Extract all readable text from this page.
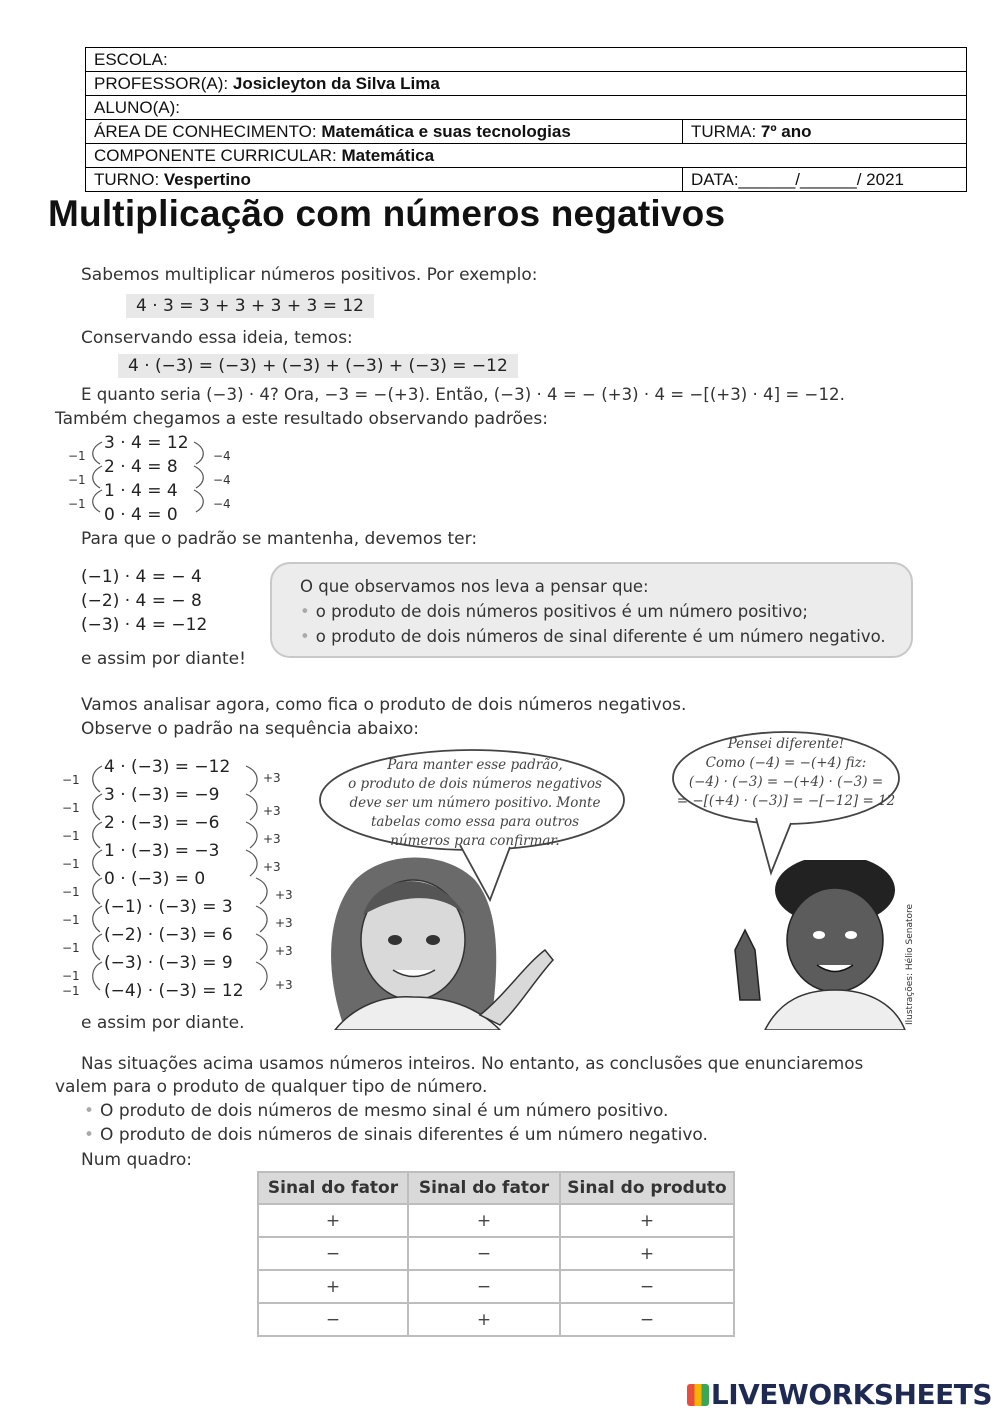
ESCOLA:	
PROFESSOR(A): Josicleyton da Silva Lima	
ALUNO(A):	
ÁREA DE CONHECIMENTO: Matemática e suas tecnologias	TURMA: 7º ano
COMPONENTE CURRICULAR: Matemática	
TURNO: Vespertino	DATA:______/______/ 2021
Multiplicação com números negativos
Sabemos multiplicar números positivos. Por exemplo:
4 · 3 = 3 + 3 + 3 + 3 = 12
Conservando essa ideia, temos:
4 · (−3) = (−3) + (−3) + (−3) + (−3) = −12
E quanto seria (−3) · 4? Ora, −3 = −(+3). Então, (−3) · 4 = − (+3) · 4 = −[(+3) · 4] = −12.
Também chegamos a este resultado observando padrões:
3 · 4 = 12
2 · 4 = 8
1 · 4 = 4
0 · 4 = 0
−1
−1
−1
−4
−4
−4
Para que o padrão se mantenha, devemos ter:
(−1) · 4 = − 4
(−2) · 4 = − 8
(−3) · 4 = −12
e assim por diante!
O que observamos nos leva a pensar que:
• o produto de dois números positivos é um número positivo;
• o produto de dois números de sinal diferente é um número negativo.
Vamos analisar agora, como fica o produto de dois números negativos.
Observe o padrão na sequência abaixo:
4 · (−3) = −12
3 · (−3) = −9
2 · (−3) = −6
1 · (−3) = −3
0 · (−3) = 0
(−1) · (−3) = 3
(−2) · (−3) = 6
(−3) · (−3) = 9
(−4) · (−3) = 12
−1
−1
−1
−1
−1
−1
−1
−1
−1
+3
+3
+3
+3
+3
+3
+3
+3
e assim por diante.
Para manter esse padrão,
o produto de dois números negativos
deve ser um número positivo. Monte
tabelas como essa para outros
números para confirmar.
Pensei diferente!
Como (−4) = −(+4) fiz:
(−4) · (−3) = −(+4) · (−3) =
= −[(+4) · (−3)] = −[−12] = 12
Ilustrações: Hélio Senatore
Nas situações acima usamos números inteiros. No entanto, as conclusões que enunciaremos
valem para o produto de qualquer tipo de número.
• O produto de dois números de mesmo sinal é um número positivo.
• O produto de dois números de sinais diferentes é um número negativo.
Num quadro:
Sinal do fator	Sinal do fator	Sinal do produto
+	+	+
−	−	+
+	−	−
−	+	−
LIVEWORKSHEETS
